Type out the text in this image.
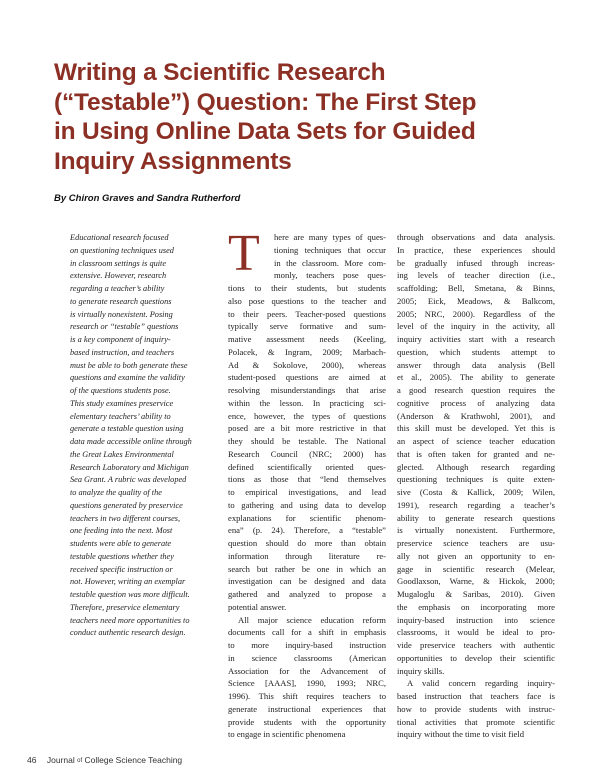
Writing a Scientific Research
(“Testable”) Question: The First Step
in Using Online Data Sets for Guided
Inquiry Assignments
By Chiron Graves and Sandra Rutherford
Educational research focused
on questioning techniques used
in classroom settings is quite
extensive. However, research
regarding a teacher’s ability
to generate research questions
is virtually nonexistent. Posing
research or “testable” questions
is a key component of inquiry-
based instruction, and teachers
must be able to both generate these
questions and examine the validity
of the questions students pose.
This study examines preservice
elementary teachers’ ability to
generate a testable question using
data made accessible online through
the Great Lakes Environmental
Research Laboratory and Michigan
Sea Grant. A rubric was developed
to analyze the quality of the
questions generated by preservice
teachers in two different courses,
one feeding into the next. Most
students were able to generate
testable questions whether they
received specific instruction or
not. However, writing an exemplar
testable question was more difficult.
Therefore, preservice elementary
teachers need more opportunities to
conduct authentic research design.
T	here are many types of ques-
tioning techniques that occur
in the classroom. More com-
monly, teachers pose ques-
tions to their students, but students
also pose questions to the teacher and
to their peers. Teacher-posed questions
typically serve formative and sum-
mative assessment needs (Keeling,
Polacek, & Ingram, 2009; Marbach-
Ad & Sokolove, 2000), whereas
student-posed questions are aimed at
resolving misunderstandings that arise
within the lesson. In practicing sci-
ence, however, the types of questions
posed are a bit more restrictive in that
they should be testable. The National
Research Council (NRC; 2000) has
defined scientifically oriented ques-
tions as those that “lend themselves
to empirical investigations, and lead
to gathering and using data to develop
explanations for scientific phenom-
ena” (p. 24). Therefore, a “testable”
question should do more than obtain
information through literature re-
search but rather be one in which an
investigation can be designed and data
gathered and analyzed to propose a
potential answer.
All major science education reform
documents call for a shift in emphasis
to more inquiry-based instruction
in science classrooms (American
Association for the Advancement of
Science [AAAS], 1990, 1993; NRC,
1996). This shift requires teachers to
generate instructional experiences that
provide students with the opportunity
to engage in scientific phenomena
through observations and data analysis.
In practice, these experiences should
be gradually infused through increas-
ing levels of teacher direction (i.e.,
scaffolding; Bell, Smetana, & Binns,
2005; Eick, Meadows, & Balkcom,
2005; NRC, 2000). Regardless of the
level of the inquiry in the activity, all
inquiry activities start with a research
question, which students attempt to
answer through data analysis (Bell
et al., 2005). The ability to generate
a good research question requires the
cognitive process of analyzing data
(Anderson & Krathwohl, 2001), and
this skill must be developed. Yet this is
an aspect of science teacher education
that is often taken for granted and ne-
glected. Although research regarding
questioning techniques is quite exten-
sive (Costa & Kallick, 2009; Wilen,
1991), research regarding a teacher’s
ability to generate research questions
is virtually nonexistent. Furthermore,
preservice science teachers are usu-
ally not given an opportunity to en-
gage in scientific research (Melear,
Goodlaxson, Warne, & Hickok, 2000;
Mugaloglu & Saribas, 2010). Given
the emphasis on incorporating more
inquiry-based instruction into science
classrooms, it would be ideal to pro-
vide preservice teachers with authentic
opportunities to develop their scientific
inquiry skills.
A valid concern regarding inquiry-
based instruction that teachers face is
how to provide students with instruc-
tional activities that promote scientific
inquiry without the time to visit field
46 Journal of College Science Teaching
